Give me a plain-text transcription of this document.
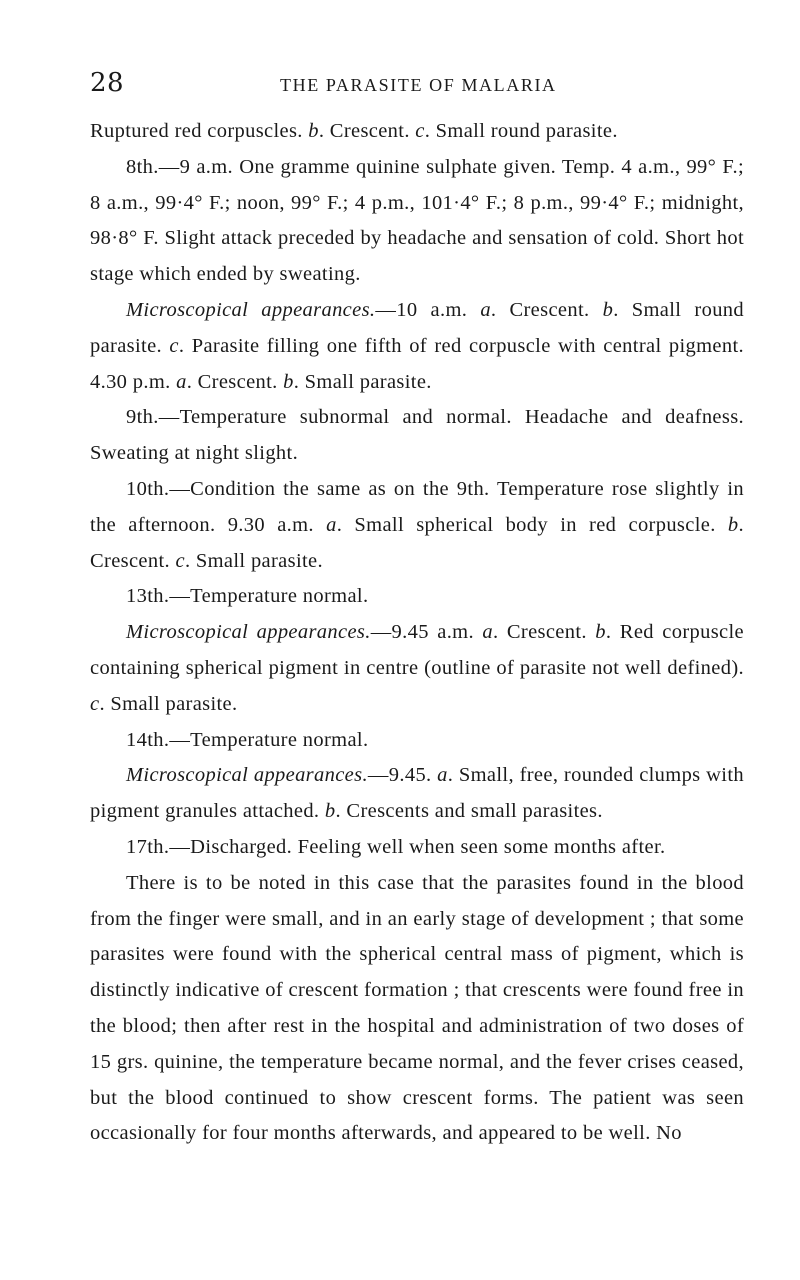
28	THE PARASITE OF MALARIA

Ruptured red corpuscles. b. Crescent. c. Small round parasite.

8th.—9 a.m. One gramme quinine sulphate given. Temp. 4 a.m., 99° F.; 8 a.m., 99·4° F.; noon, 99° F.; 4 p.m., 101·4° F.; 8 p.m., 99·4° F.; midnight, 98·8° F. Slight attack preceded by headache and sensation of cold. Short hot stage which ended by sweating.

Microscopical appearances.—10 a.m. a. Crescent. b. Small round parasite. c. Parasite filling one fifth of red corpuscle with central pigment. 4.30 p.m. a. Crescent. b. Small parasite.

9th.—Temperature subnormal and normal. Headache and deafness. Sweating at night slight.

10th.—Condition the same as on the 9th. Temperature rose slightly in the afternoon. 9.30 a.m. a. Small spherical body in red corpuscle. b. Crescent. c. Small parasite.

13th.—Temperature normal.

Microscopical appearances.—9.45 a.m. a. Crescent. b. Red corpuscle containing spherical pigment in centre (outline of parasite not well defined). c. Small parasite.

14th.—Temperature normal.

Microscopical appearances.—9.45. a. Small, free, rounded clumps with pigment granules attached. b. Crescents and small parasites.

17th.—Discharged. Feeling well when seen some months after.

There is to be noted in this case that the parasites found in the blood from the finger were small, and in an early stage of development ; that some parasites were found with the spherical central mass of pigment, which is distinctly indicative of crescent formation ; that crescents were found free in the blood; then after rest in the hospital and administration of two doses of 15 grs. quinine, the temperature became normal, and the fever crises ceased, but the blood continued to show crescent forms. The patient was seen occasionally for four months afterwards, and appeared to be well. No
